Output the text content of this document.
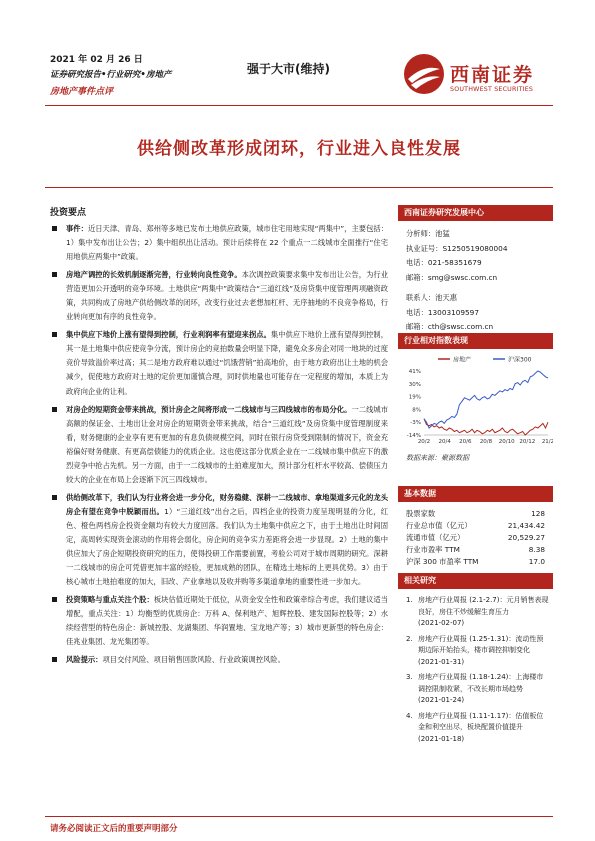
2021 年 02 月 26 日
证券研究报告•行业研究•房地产
房地产事件点评
强于大市(维持)	西南证券
SOUTHWEST SECURITIES
供给侧改革形成闭环，行业进入良性发展
投资要点
事件：近日天津、青岛、郑州等多地已发布土地供应政策，城市住宅用地实现“两集中”，主要包括：1）集中发布出让公告；2）集中组织出让活动。预计后续将在 22 个重点一二线城市全面推行“住宅用地供应两集中”政策。
房地产调控的长效机制逐渐完善，行业转向良性竞争。本次调控政策要求集中发布出让公告，为行业营造更加公开透明的竞争环境。土地供应“两集中”政策结合“三道红线”及房贷集中度管理两项融资政策，共同构成了房地产供给侧改革的闭环，改变行业过去老想加杠杆、无序抽地的不良竞争格局，行业转向更加有序的良性竞争。
集中供应下地价上涨有望得到控制，行业利润率有望迎来拐点。集中供应下地价上涨有望得到控制，其一是土地集中供应使竞争分流，预计房企的竞拍数量会明显下降，避免众多房企对同一地块的过度竞价导致溢价率过高；其二是地方政府难以通过“饥饿营销”拍高地价，由于地方政府出让土地的机会减少，促使地方政府对土地的定价更加谨慎合理，同时供地量也可能存在一定程度的增加，本质上为政府向企业的让利。
对房企的短期资金带来挑战，预计房企之间将形成一二线城市与三四线城市的布局分化。一二线城市高额的保证金、土地出让金对房企的短期资金带来挑战，结合“三道红线”及房贷集中度管理制度来看，财务健康的企业享有更有更加的有息负债规模空间，同时在银行房贷受到限制的情况下，资金充裕偏好财务健康、有更高偿债能力的优质企业。这也使这部分优质企业在一二线城市集中供应下的激烈竞争中抢占先机。另一方面，由于一二线城市的土拍难度加大，预计部分杠杆水平较高、偿债压力较大的企业在布局上会逐渐下沉三四线城市。
供给侧改革下，我们认为行业将会进一步分化，财务稳健、深耕一二线城市、拿地渠道多元化的龙头房企有望在竞争中脱颖而出。1）“三道红线”出台之后，四档企业的投资力度呈现明显的分化，红色、橙色两档房企投资金额均有较大力度回落。我们认为土地集中供应之下，由于土地出让时间固定，高周转实现资金滚动的作用将会弱化，房企间的竞争实力差距将会进一步显现。2）土地的集中供应加大了房企短期投资研究的压力，使得投研工作需要前置，考验公司对于城市周期的研究。深耕一二线城市的房企可凭借更加丰富的经验，更加成熟的团队，在精选土地标的上更具优势。3）由于核心城市土地拍难度的加大，旧改、产业拿地以及收并购等多渠道拿地的重要性进一步加大。
投资策略与重点关注个股：板块估值近期处于低位，从资金安全性和政策牵综合考虑，我们建议适当增配，重点关注：1）均衡型的优质房企：万科 A、保利地产、旭辉控股、建发国际控股等；2）水续经营型的特色房企：新城控股、龙湖集团、华润置地、宝龙地产等；3）城市更新型的特色房企：佳兆业集团、龙光集团等。
风险提示：项目交付风险、项目销售回款风险、行业政策调控风险。
西南证券研究发展中心
分析师：池猛
执业证号：S1250519080004
电话：021-58351679
邮箱：smg@swsc.com.cn
联系人：池天惠
电话：13003109597
邮箱：cth@swsc.com.cn
行业相对指数表现
房地产	沪深300
41%
30%
19%
8%
-3%
-14%
20/2 20/4 20/6 20/8 20/10 20/12 21/2
数据来源：聚源数据
基本数据
股票家数	128
行业总市值（亿元）	21,434.42
流通市值（亿元）	20,529.27
行业市盈率 TTM	8.38
沪深 300 市盈率 TTM	17.0
相关研究
1. 房地产行业周报 (2.1-2.7)：元月销售表现良好，房住不炒缓解生育压力
(2021-02-07)
2. 房地产行业周报 (1.25-1.31)：流动性预期边际开始抬头，楼市调控抑制变化
(2021-01-31)
3. 房地产行业周报 (1.18-1.24)：上海楼市调控限制收紧，不改长期市场趋势
(2021-01-24)
4. 房地产行业周报 (1.11-1.17)：估值板位金和利空出尽，板块配置价值提升
(2021-01-18)
请务必阅读正文后的重要声明部分
